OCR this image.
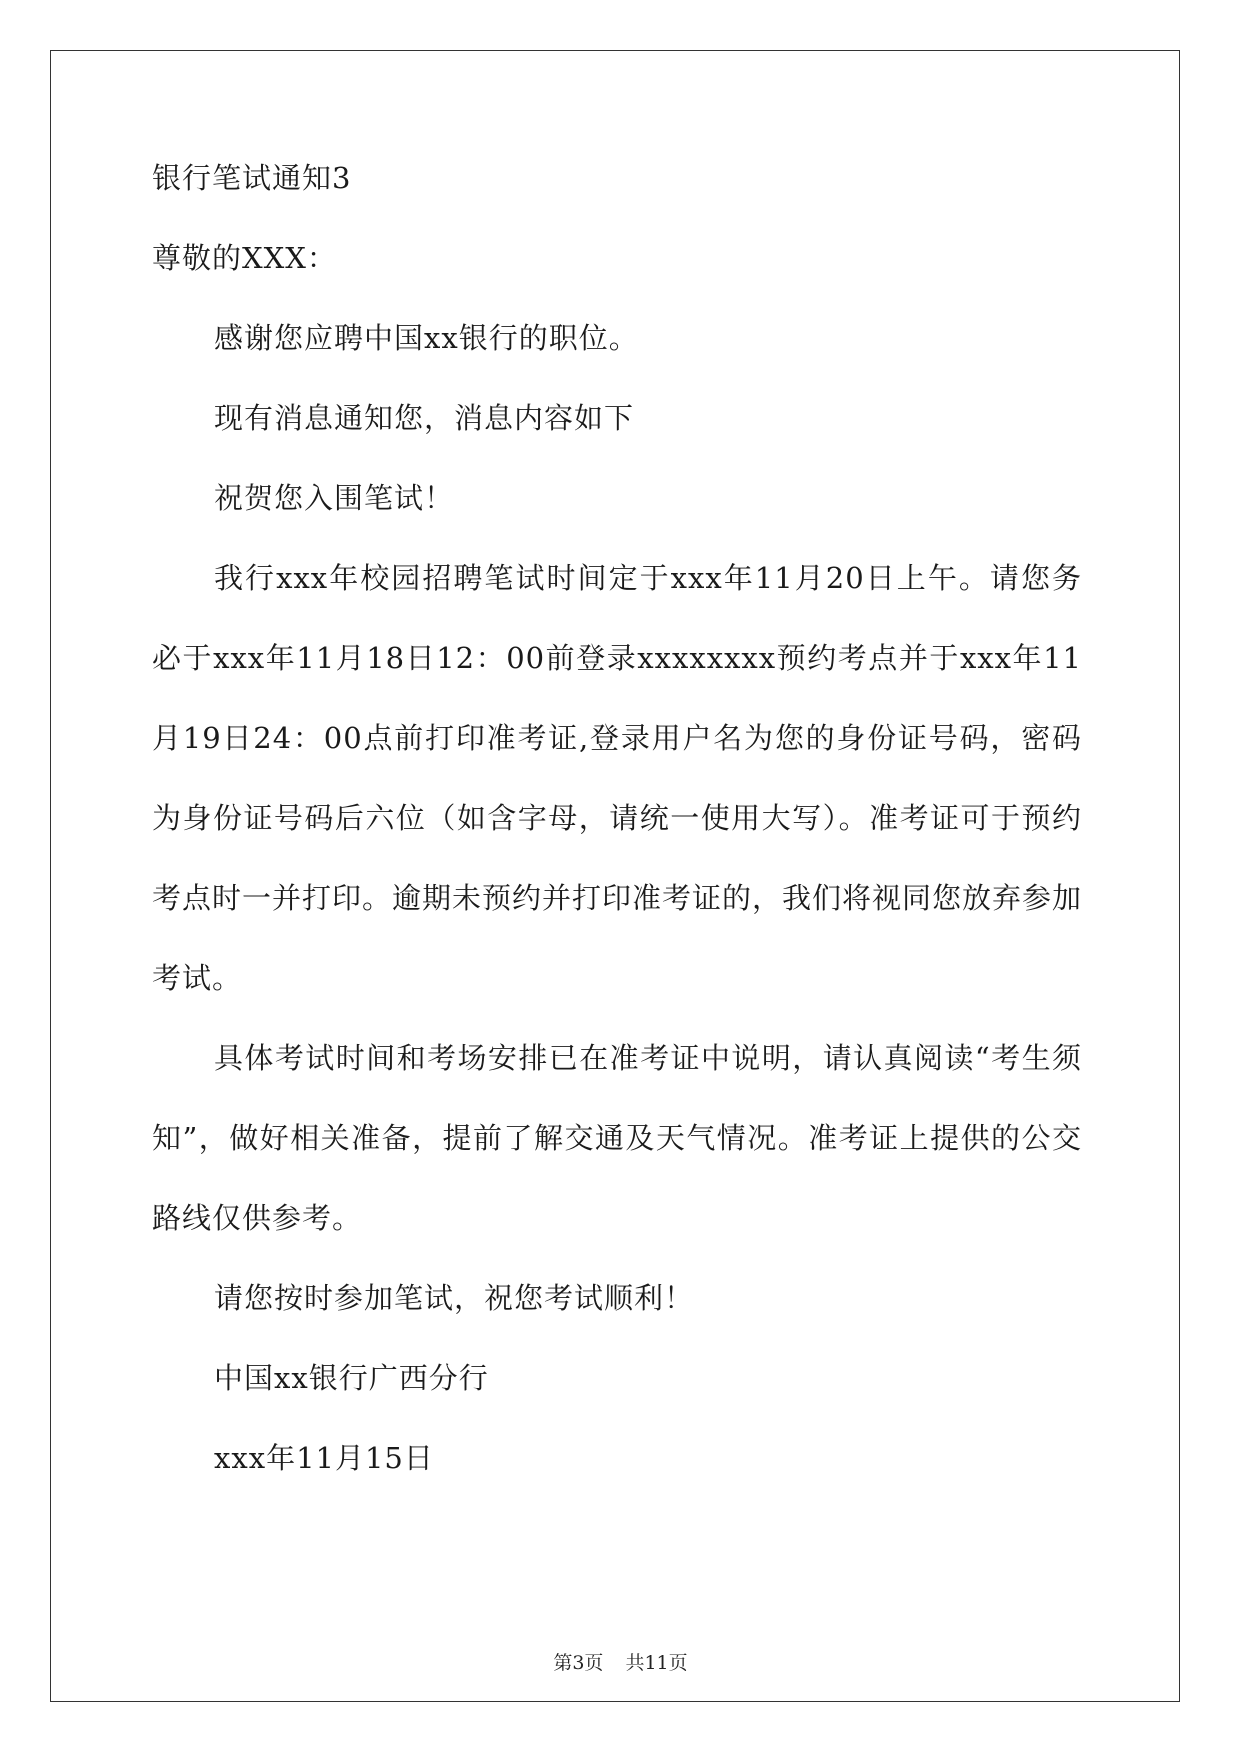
银行笔试通知3
尊敬的XXX：
感谢您应聘中国xx银行的职位。
现有消息通知您，消息内容如下
祝贺您入围笔试！

我行xxx年校园招聘笔试时间定于xxx年11月20日上午。请您务必于xxx年11月18日12：00前登录xxxxxxxx预约考点并于xxx年11月19日24：00点前打印准考证,登录用户名为您的身份证号码，密码为身份证号码后六位（如含字母，请统一使用大写）。准考证可于预约考点时一并打印。逾期未预约并打印准考证的，我们将视同您放弃参加考试。

具体考试时间和考场安排已在准考证中说明，请认真阅读“考生须知”，做好相关准备，提前了解交通及天气情况。准考证上提供的公交路线仅供参考。

请您按时参加笔试，祝您考试顺利！
中国xx银行广西分行
xxx年11月15日
第3页 共11页
